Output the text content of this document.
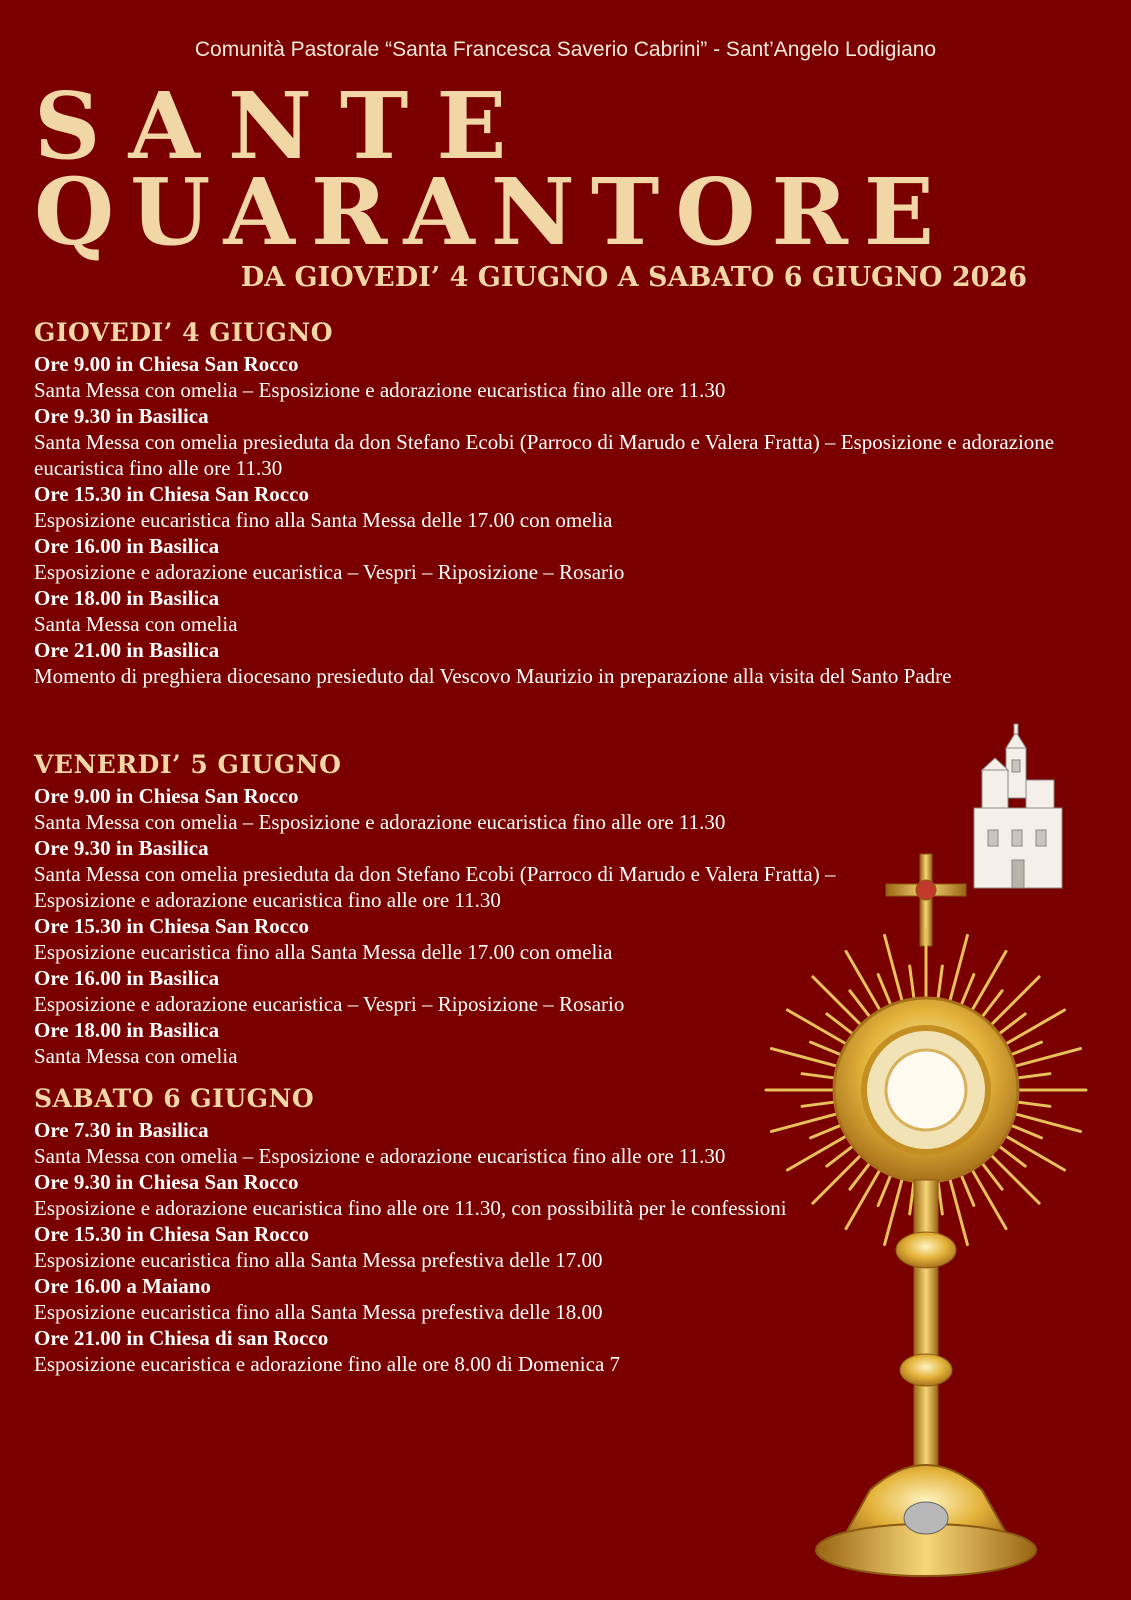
Comunità Pastorale “Santa Francesca Saverio Cabrini” - Sant’Angelo Lodigiano
SANTE
QUARANTORE
DA GIOVEDI’ 4 GIUGNO A SABATO 6 GIUGNO 2026
GIOVEDI’ 4 GIUGNO
Ore 9.00 in Chiesa San Rocco
Santa Messa con omelia – Esposizione e adorazione eucaristica fino alle ore 11.30
Ore 9.30 in Basilica
Santa Messa con omelia presieduta da don Stefano Ecobi (Parroco di Marudo e Valera Fratta) – Esposizione e adorazione eucaristica fino alle ore 11.30
Ore 15.30 in Chiesa San Rocco
Esposizione eucaristica fino alla Santa Messa delle 17.00 con omelia
Ore 16.00 in Basilica
Esposizione e adorazione eucaristica – Vespri – Riposizione – Rosario
Ore 18.00 in Basilica
Santa Messa con omelia
Ore 21.00 in Basilica
Momento di preghiera diocesano presieduto dal Vescovo Maurizio in preparazione alla visita del Santo Padre
VENERDI’ 5 GIUGNO
Ore 9.00 in Chiesa San Rocco
Santa Messa con omelia – Esposizione e adorazione eucaristica fino alle ore 11.30
Ore 9.30 in Basilica
Santa Messa con omelia presieduta da don Stefano Ecobi (Parroco di Marudo e Valera Fratta) – Esposizione e adorazione eucaristica fino alle ore 11.30
Ore 15.30 in Chiesa San Rocco
Esposizione eucaristica fino alla Santa Messa delle 17.00 con omelia
Ore 16.00 in Basilica
Esposizione e adorazione eucaristica – Vespri – Riposizione – Rosario
Ore 18.00 in Basilica
Santa Messa con omelia
SABATO 6 GIUGNO
Ore 7.30 in Basilica
Santa Messa con omelia – Esposizione e adorazione eucaristica fino alle ore 11.30
Ore 9.30 in Chiesa San Rocco
Esposizione e adorazione eucaristica fino alle ore 11.30, con possibilità per le confessioni
Ore 15.30 in Chiesa San Rocco
Esposizione eucaristica fino alla Santa Messa prefestiva delle 17.00
Ore 16.00 a Maiano
Esposizione eucaristica fino alla Santa Messa prefestiva delle 18.00
Ore 21.00 in Chiesa di san Rocco
Esposizione eucaristica e adorazione fino alle ore 8.00 di Domenica 7
